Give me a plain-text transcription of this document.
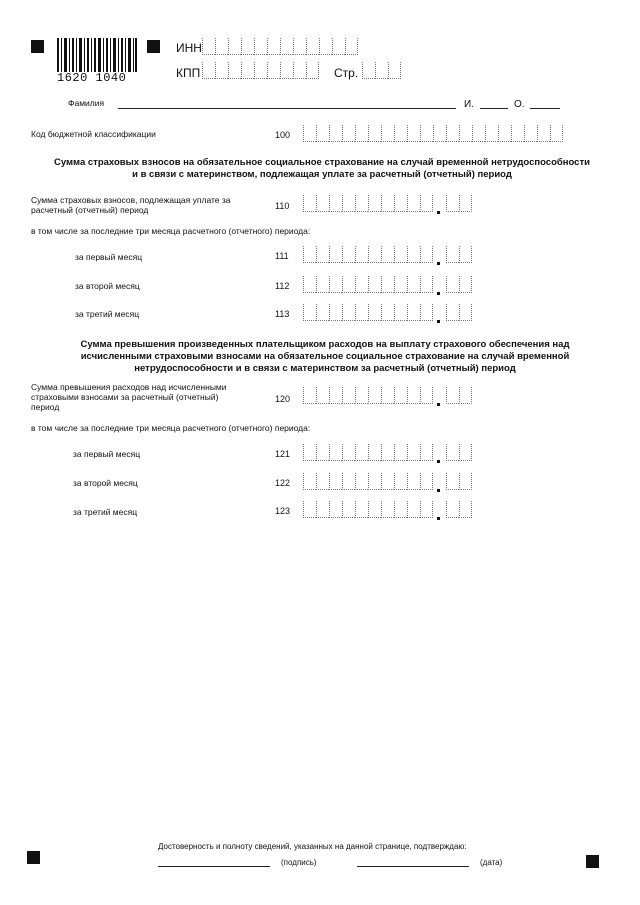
1620 1040
ИНН
КПП	Стр.
Фамилия	И.	О.
Код бюджетной классификации	100
Сумма страховых взносов на обязательное социальное страхование на случай временной нетрудоспособности
и в связи с материнством, подлежащая уплате за расчетный (отчетный) период
Сумма страховых взносов, подлежащая уплате за
расчетный (отчетный) период	110
в том числе за последние три месяца расчетного (отчетного) периода:
за первый месяц	111
за второй месяц	112
за третий месяц	113
Сумма превышения произведенных плательщиком расходов на выплату страхового обеспечения над
исчисленными страховыми взносами на обязательное социальное страхование на случай временной
нетрудоспособности и в связи с материнством за расчетный (отчетный) период
Сумма превышения расходов над исчисленными
страховыми взносами за расчетный (отчетный)
период
120
в том числе за последние три месяца расчетного (отчетного) периода:
за первый месяц	121
за второй месяц	122
за третий месяц	123
Достоверность и полноту сведений, указанных на данной странице, подтверждаю:
(подпись)	(дата)
